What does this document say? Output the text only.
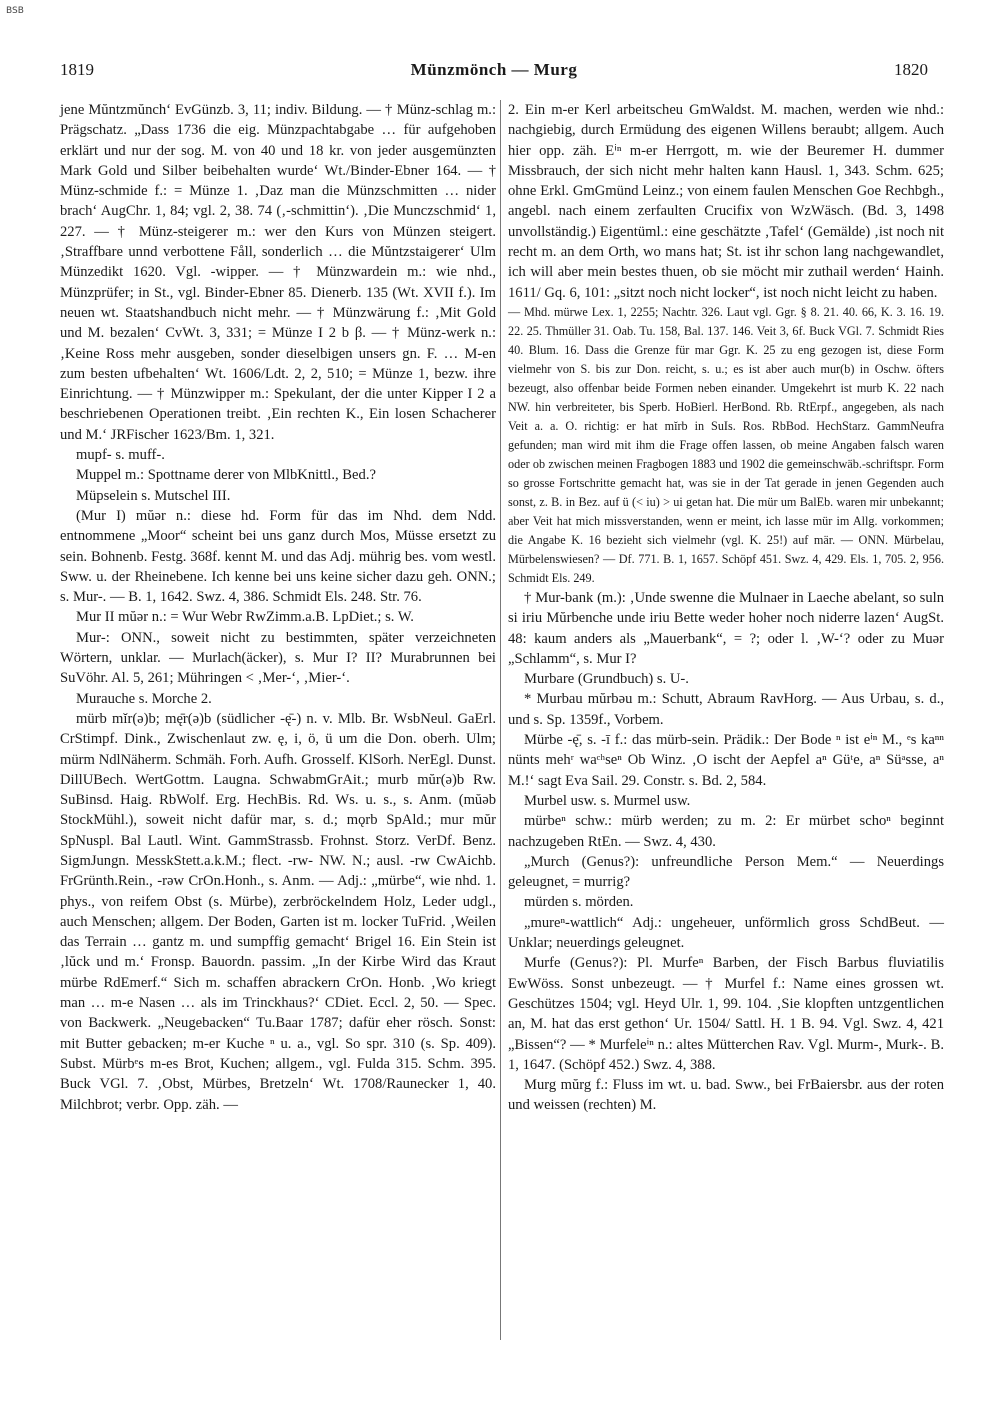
BSB
1819	Münzmönch — Murg	1820

jene Mŭntzmŭnch‘ EvGünzb. 3, 11; indiv. Bildung. — † Münz-schlag m.: Prägschatz. „Dass 1736 die eig. Münzpachtabgabe … für aufgehoben erklärt und nur der sog. M. von 40 und 18 kr. von jeder ausgemünzten Mark Gold und Silber beibehalten wurde‘ Wt./Binder-Ebner 164. — † Münz-schmide f.: = Münze 1. ‚Daz man die Münzschmitten … nider brach‘ AugChr. 1, 84; vgl. 2, 38. 74 (‚-schmittin‘). ‚Die Munczschmid‘ 1, 227. — † Münz-steigerer m.: wer den Kurs von Münzen steigert. ‚Straffbare unnd verbottene Fåll, sonderlich … die Mŭntzstaigerer‘ Ulm Münzedikt 1620. Vgl. -wipper. — † Münzwardein m.: wie nhd., Münzprüfer; in St., vgl. Binder-Ebner 85. Dienerb. 135 (Wt. XVII f.). Im neuen wt. Staatshandbuch nicht mehr. — † Münzwärung f.: ‚Mit Gold und M. bezalen‘ CvWt. 3, 331; = Münze I 2 b β. — † Münz-werk n.: ‚Keine Ross mehr ausgeben, sonder dieselbigen unsers gn. F. … M-en zum besten ufbehalten‘ Wt. 1606/Ldt. 2, 2, 510; = Münze 1, bezw. ihre Einrichtung. — † Münzwipper m.: Spekulant, der die unter Kipper I 2 a beschriebenen Operationen treibt. ‚Ein rechten K., Ein losen Schacherer und M.‘ JRFischer 1623/Bm. 1, 321.

mupf- s. muff-.

Muppel m.: Spottname derer von MlbKnittl., Bed.?

Müpselein s. Mutschel III.

(Mur I) mŭər n.: diese hd. Form für das im Nhd. dem Ndd. entnommene „Moor“ scheint bei uns ganz durch Mos, Müsse ersetzt zu sein. Bohnenb. Festg. 368f. kennt M. und das Adj. mührig bes. vom westl. Sww. u. der Rheinebene. Ich kenne bei uns keine sicher dazu geh. ONN.; s. Mur-. — B. 1, 1642. Swz. 4, 386. Schmidt Els. 248. Str. 76.

Mur II mŭər n.: = Wur Webr RwZimm.a.B. LpDiet.; s. W.

Mur-: ONN., soweit nicht zu bestimmten, später verzeichneten Wörtern, unklar. — Murlach(äcker), s. Mur I? II? Murabrunnen bei SuVöhr. Al. 5, 261; Mühringen < ‚Mer-‘, ‚Mier-‘.

Murauche s. Morche 2.

mürb mĭr(ə)b; mę̄r(ə)b (südlicher -ę̄-) n. v. Mlb. Br. WsbNeul. GaErl. CrStimpf. Dink., Zwischenlaut zw. ę, i, ö, ü um die Don. oberh. Ulm; mürm NdlNäherm. Schmäh. Forh. Aufh. Grosself. KlSorh. NerEgl. Dunst. DillUBech. WertGottm. Laugna. SchwabmGrAit.; murb mŭr(ə)b Rw. SuBinsd. Haig. RbWolf. Erg. HechBis. Rd. Ws. u. s., s. Anm. (mŭəb StockMühl.), soweit nicht dafür mar, s. d.; mǫrb SpAld.; mur mŭr SpNuspl. Bal Lautl. Wint. GammStrassb. Frohnst. Storz. VerDf. Benz. SigmJungn. MesskStett.a.k.M.; flect. -rw- NW. N.; ausl. -rw CwAichb. FrGrünth.Rein., -rəw CrOn.Honh., s. Anm. — Adj.: „mürbe“, wie nhd. 1. phys., von reifem Obst (s. Mürbe), zerbröckelndem Holz, Leder udgl., auch Menschen; allgem. Der Boden, Garten ist m. locker TuFrid. ‚Weilen das Terrain … gantz m. und sumpffig gemacht‘ Brigel 16. Ein Stein ist ‚lŭck und m.‘ Fronsp. Bauordn. passim. „In der Kirbe Wird das Kraut mürbe RdEmerf.“ Sich m. schaffen abrackern CrOn. Honb. ‚Wo kriegt man … m-e Nasen … als im Trinckhaus?‘ CDiet. Eccl. 2, 50. — Spec. von Backwerk. „Neugebacken“ Tu.Baar 1787; dafür eher rösch. Sonst: mit Butter gebacken; m-er Kuche ⁿ u. a., vgl. So spr. 310 (s. Sp. 409). Subst. Mürbᵉs m-es Brot, Kuchen; allgem., vgl. Fulda 315. Schm. 395. Buck VGl. 7. ‚Obst, Mürbes, Bretzeln‘ Wt. 1708/Raunecker 1, 40. Milchbrot; verbr. Opp. zäh. —

2. Ein m-er Kerl arbeitscheu GmWaldst. M. machen, werden wie nhd.: nachgiebig, durch Ermüdung des eigenen Willens beraubt; allgem. Auch hier opp. zäh. Eⁱⁿ m-er Herrgott, m. wie der Beuremer H. dummer Missbrauch, der sich nicht mehr halten kann Hausl. 1, 343. Schm. 625; ohne Erkl. GmGmünd Leinz.; von einem faulen Menschen Goe Rechbgh., angebl. nach einem zerfaulten Crucifix von WzWäsch. (Bd. 3, 1498 unvollständig.) Eigentüml.: eine geschätzte ‚Tafel‘ (Gemälde) ‚ist noch nit recht m. an dem Orth, wo mans hat; St. ist ihr schon lang nachgewandlet, ich will aber mein bestes thuen, ob sie möcht mir zuthail werden‘ Hainh. 1611/ Gq. 6, 101: „sitzt noch nicht locker“, ist noch nicht leicht zu haben.

— Mhd. mürwe Lex. 1, 2255; Nachtr. 326. Laut vgl. Ggr. § 8. 21. 40. 66, K. 3. 16. 19. 22. 25. Thmüller 31. Oab. Tu. 158, Bal. 137. 146. Veit 3, 6f. Buck VGl. 7. Schmidt Ries 40. Blum. 16. Dass die Grenze für mar Ggr. K. 25 zu eng gezogen ist, diese Form vielmehr von S. bis zur Don. reicht, s. u.; es ist aber auch mur(b) in Oschw. öfters bezeugt, also offenbar beide Formen neben einander. Umgekehrt ist murb K. 22 nach NW. hin verbreiteter, bis Sperb. HoBierl. HerBond. Rb. RtErpf., angegeben, als nach Veit a. a. O. richtig: er hat mĭrb in SuIs. Ros. RbBod. HechStarz. GammNeufra gefunden; man wird mit ihm die Frage offen lassen, ob meine Angaben falsch waren oder ob zwischen meinen Fragbogen 1883 und 1902 die gemeinschwäb.-schriftspr. Form so grosse Fortschritte gemacht hat, was sie in der Tat gerade in jenen Gegenden auch sonst, z. B. in Bez. auf ü (< iu) > ui getan hat. Die mür um BalEb. waren mir unbekannt; aber Veit hat mich missverstanden, wenn er meint, ich lasse mür im Allg. vorkommen; die Angabe K. 16 bezieht sich vielmehr (vgl. K. 25!) auf mär. — ONN. Mürbelau, Mürbelenswiesen? — Df. 771. B. 1, 1657. Schöpf 451. Swz. 4, 429. Els. 1, 705. 2, 956. Schmidt Els. 249.

† Mur-bank (m.): ‚Unde swenne die Mulnaer in Laeche abelant, so suln si iriu Mŭrbenche unde iriu Bette weder hoher noch niderre lazen‘ AugSt. 48: kaum anders als „Mauerbank“, = ?; oder l. ‚W-‘? oder zu Muər „Schlamm“, s. Mur I?

Murbare (Grundbuch) s. U-.

* Murbau mŭrbəu m.: Schutt, Abraum RavHorg. — Aus Urbau, s. d., und s. Sp. 1359f., Vorbem.

Mürbe -ę̄, s. -ī f.: das mürb-sein. Prädik.: Der Bode ⁿ ist eⁱⁿ M., ᵉs kaⁿⁿ nünts mehʳ waᶜʰseⁿ Ob Winz. ‚O ischt der Aepfel aⁿ Güᵗe, aⁿ Süᵃsse, aⁿ M.!‘ sagt Eva Sail. 29. Constr. s. Bd. 2, 584.

Murbel usw. s. Murmel usw.

mürbeⁿ schw.: mürb werden; zu m. 2: Er mürbet schoⁿ beginnt nachzugeben RtEn. — Swz. 4, 430.

„Murch (Genus?): unfreundliche Person Mem.“ — Neuerdings geleugnet, = murrig?

mürden s. mörden.

„mureⁿ-wattlich“ Adj.: ungeheuer, unförmlich gross SchdBeut. — Unklar; neuerdings geleugnet.

Murfe (Genus?): Pl. Murfeⁿ Barben, der Fisch Barbus fluviatilis EwWöss. Sonst unbezeugt. — † Murfel f.: Name eines grossen wt. Geschützes 1504; vgl. Heyd Ulr. 1, 99. 104. ‚Sie klopften untzgentlichen an, M. hat das erst gethon‘ Ur. 1504/ Sattl. H. 1 B. 94. Vgl. Swz. 4, 421 „Bissen“? — * Murfeleⁱⁿ n.: altes Mütterchen Rav. Vgl. Murm-, Murk-. B. 1, 1647. (Schöpf 452.) Swz. 4, 388.

Murg mŭrg f.: Fluss im wt. u. bad. Sww., bei FrBaiersbr. aus der roten und weissen (rechten) M.
